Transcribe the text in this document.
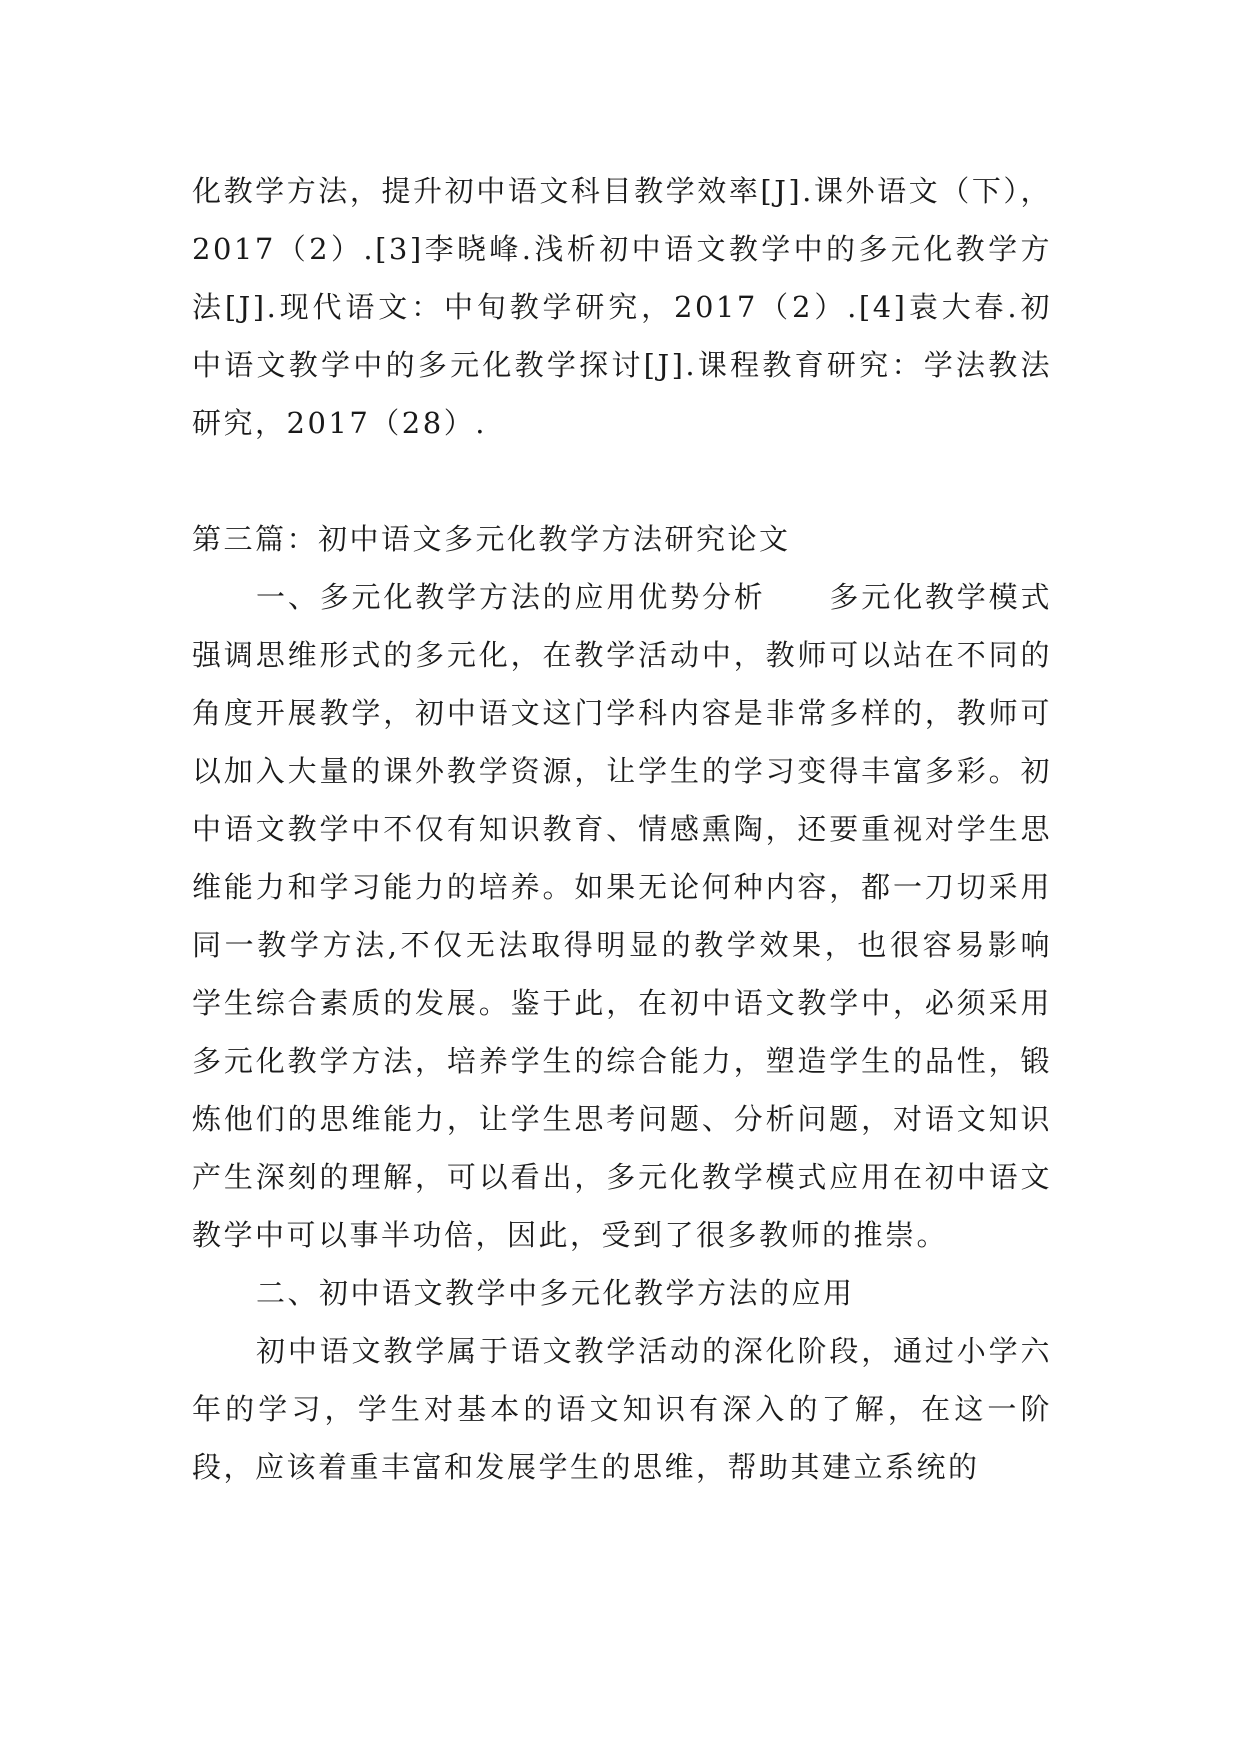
化教学方法，提升初中语文科目教学效率[J].课外语文（下），2017（2）.[3]李晓峰.浅析初中语文教学中的多元化教学方法[J].现代语文：中旬教学研究，2017（2）.[4]袁大春.初中语文教学中的多元化教学探讨[J].课程教育研究：学法教法研究，2017（28）.

第三篇：初中语文多元化教学方法研究论文

一、多元化教学方法的应用优势分析　　多元化教学模式强调思维形式的多元化，在教学活动中，教师可以站在不同的角度开展教学，初中语文这门学科内容是非常多样的，教师可以加入大量的课外教学资源，让学生的学习变得丰富多彩。初中语文教学中不仅有知识教育、情感熏陶，还要重视对学生思维能力和学习能力的培养。如果无论何种内容，都一刀切采用同一教学方法,不仅无法取得明显的教学效果，也很容易影响学生综合素质的发展。鉴于此，在初中语文教学中，必须采用多元化教学方法，培养学生的综合能力，塑造学生的品性，锻炼他们的思维能力，让学生思考问题、分析问题，对语文知识产生深刻的理解，可以看出，多元化教学模式应用在初中语文教学中可以事半功倍，因此，受到了很多教师的推崇。

二、初中语文教学中多元化教学方法的应用

初中语文教学属于语文教学活动的深化阶段，通过小学六年的学习，学生对基本的语文知识有深入的了解，在这一阶段，应该着重丰富和发展学生的思维，帮助其建立系统的
